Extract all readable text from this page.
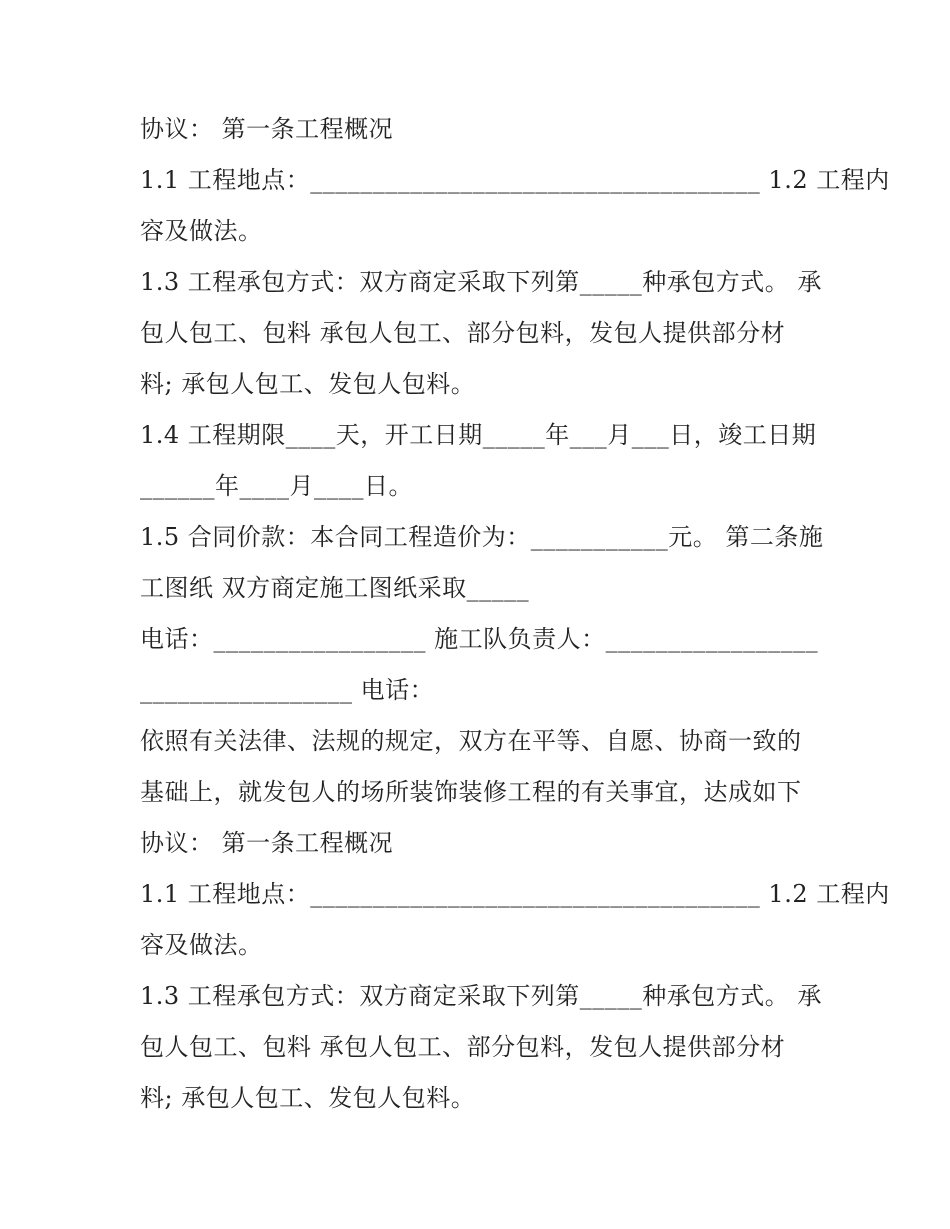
协议： 第一条工程概况
1.1 工程地点：____________________________________ 1.2 工程内
容及做法。
1.3 工程承包方式：双方商定采取下列第_____种承包方式。 承
包人包工、包料 承包人包工、部分包料，发包人提供部分材
料; 承包人包工、发包人包料。
1.4 工程期限____天，开工日期_____年___月___日，竣工日期
______年____月____日。
1.5 合同价款：本合同工程造价为：___________元。 第二条施
工图纸 双方商定施工图纸采取_____
电话：_________________ 施工队负责人：_________________
_________________ 电话：
依照有关法律、法规的规定，双方在平等、自愿、协商一致的
基础上，就发包人的场所装饰装修工程的有关事宜，达成如下
协议： 第一条工程概况
1.1 工程地点：____________________________________ 1.2 工程内
容及做法。
1.3 工程承包方式：双方商定采取下列第_____种承包方式。 承
包人包工、包料 承包人包工、部分包料，发包人提供部分材
料; 承包人包工、发包人包料。
